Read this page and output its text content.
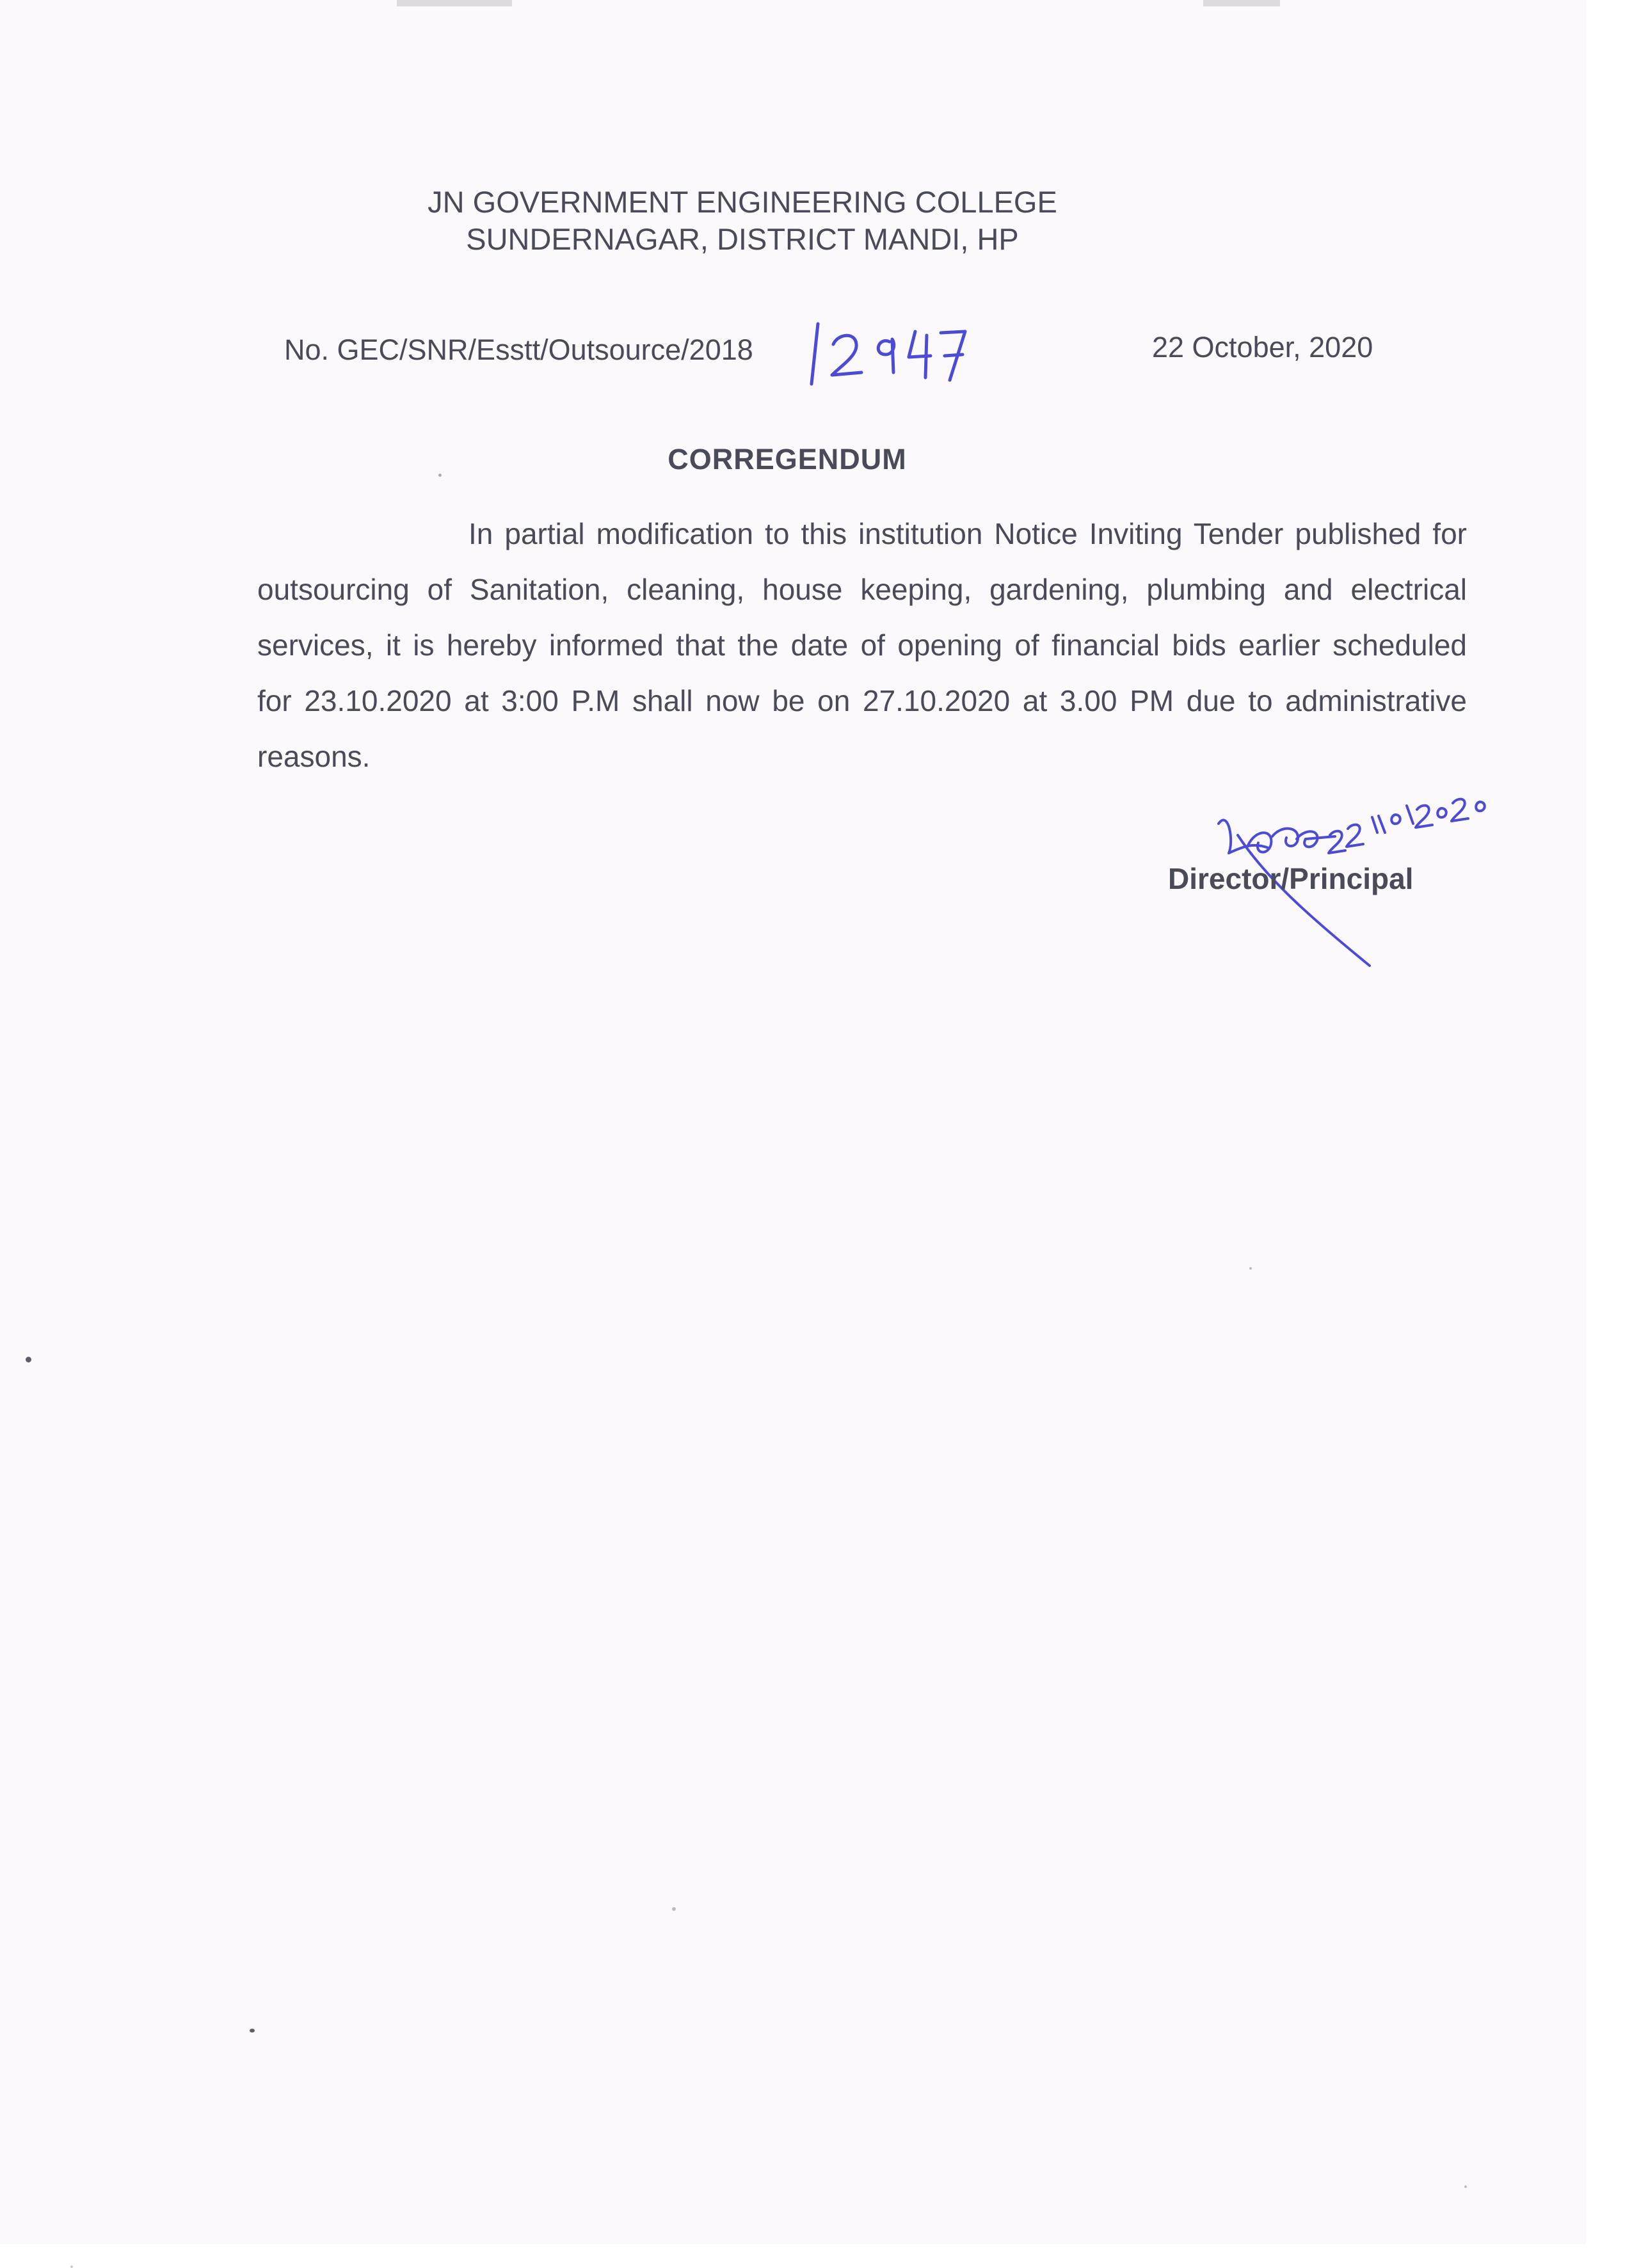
JN GOVERNMENT ENGINEERING COLLEGE
SUNDERNAGAR, DISTRICT MANDI, HP
No. GEC/SNR/Esstt/Outsource/2018	22 October, 2020
CORREGENDUM

In partial modification to this institution Notice Inviting Tender published for outsourcing of Sanitation, cleaning, house keeping, gardening, plumbing and electrical services, it is hereby informed that the date of opening of financial bids earlier scheduled for 23.10.2020 at 3:00 P.M shall now be on 27.10.2020 at 3.00 PM due to administrative reasons.

Director/Principal
